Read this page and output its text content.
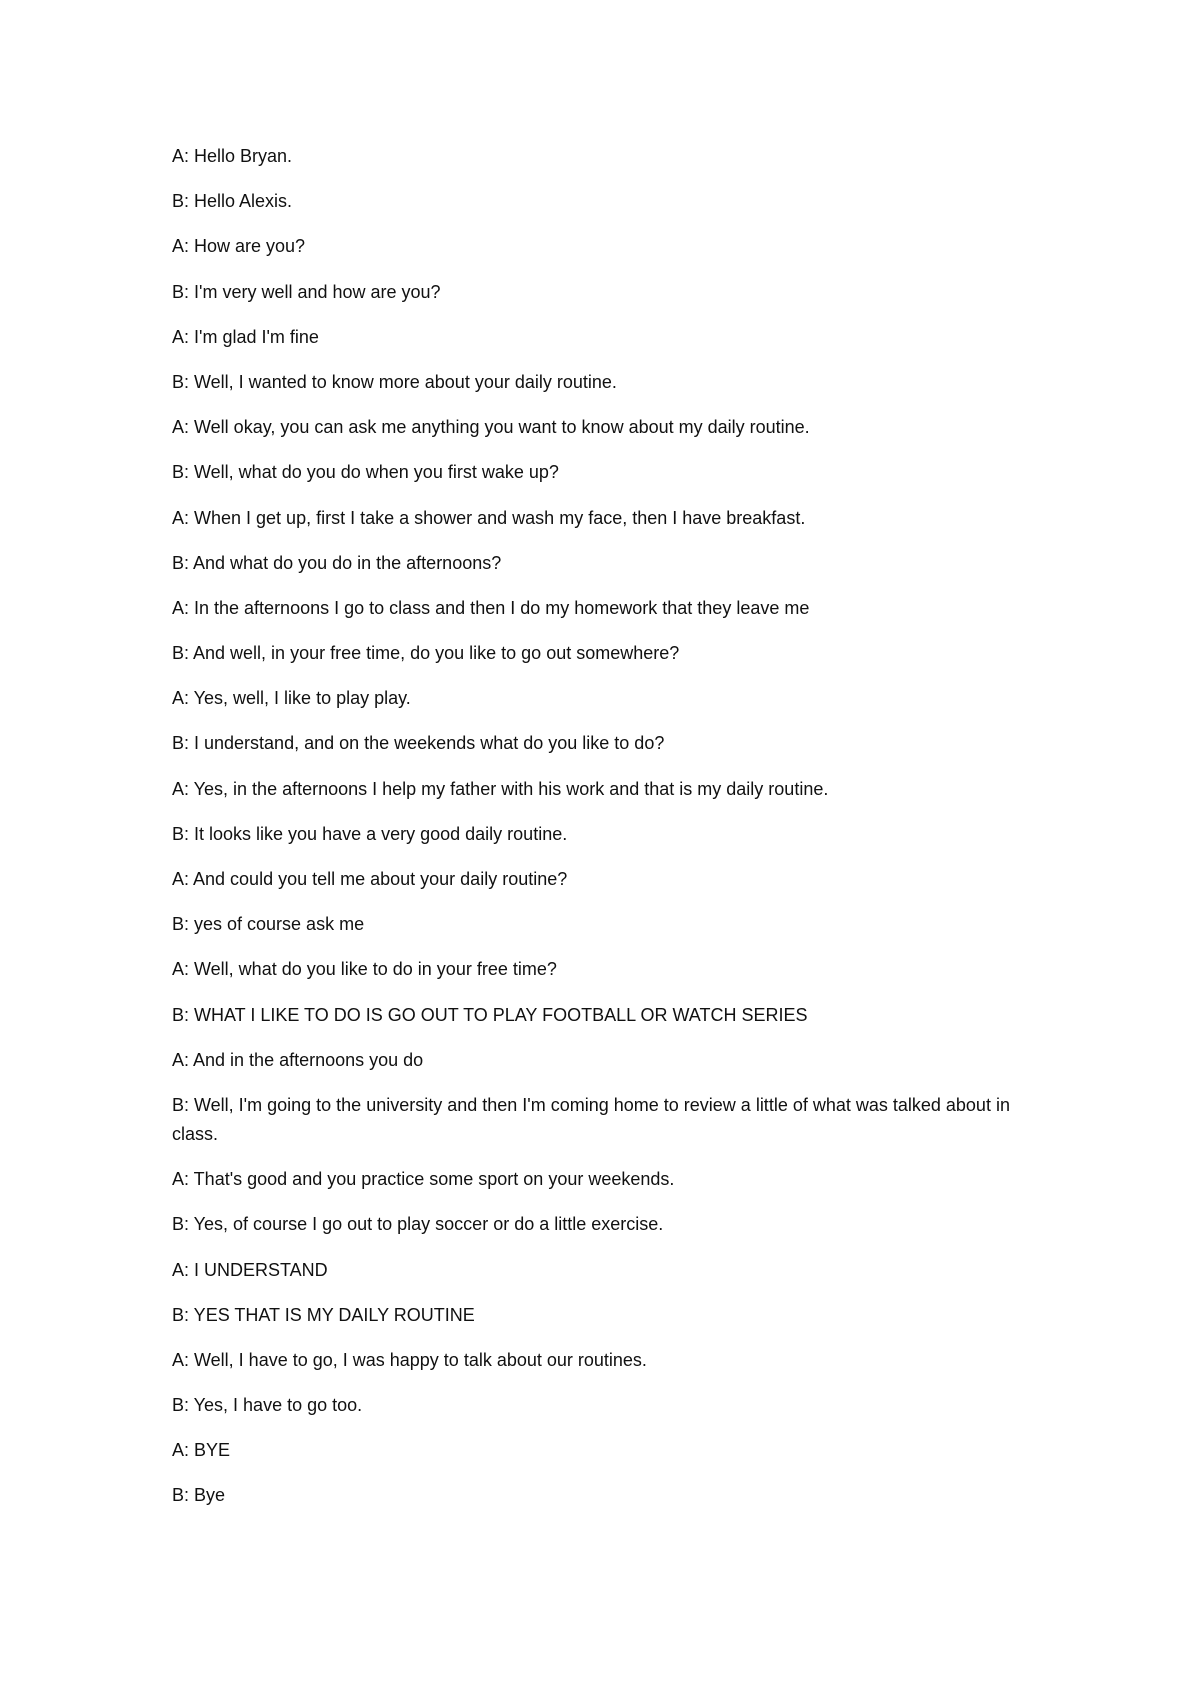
A: Hello Bryan.
B: Hello Alexis.
A: How are you?
B: I'm very well and how are you?
A: I'm glad I'm fine
B: Well, I wanted to know more about your daily routine.
A: Well okay, you can ask me anything you want to know about my daily routine.
B: Well, what do you do when you first wake up?
A: When I get up, first I take a shower and wash my face, then I have breakfast.
B: And what do you do in the afternoons?
A: In the afternoons I go to class and then I do my homework that they leave me
B: And well, in your free time, do you like to go out somewhere?
A: Yes, well, I like to play play.
B: I understand, and on the weekends what do you like to do?
A: Yes, in the afternoons I help my father with his work and that is my daily routine.
B: It looks like you have a very good daily routine.
A: And could you tell me about your daily routine?
B: yes of course ask me
A: Well, what do you like to do in your free time?
B: WHAT I LIKE TO DO IS GO OUT TO PLAY FOOTBALL OR WATCH SERIES
A: And in the afternoons you do
B: Well, I'm going to the university and then I'm coming home to review a little of what was talked about in class.
A: That's good and you practice some sport on your weekends.
B: Yes, of course I go out to play soccer or do a little exercise.
A: I UNDERSTAND
B: YES THAT IS MY DAILY ROUTINE
A: Well, I have to go, I was happy to talk about our routines.
B: Yes, I have to go too.
A: BYE
B: Bye
